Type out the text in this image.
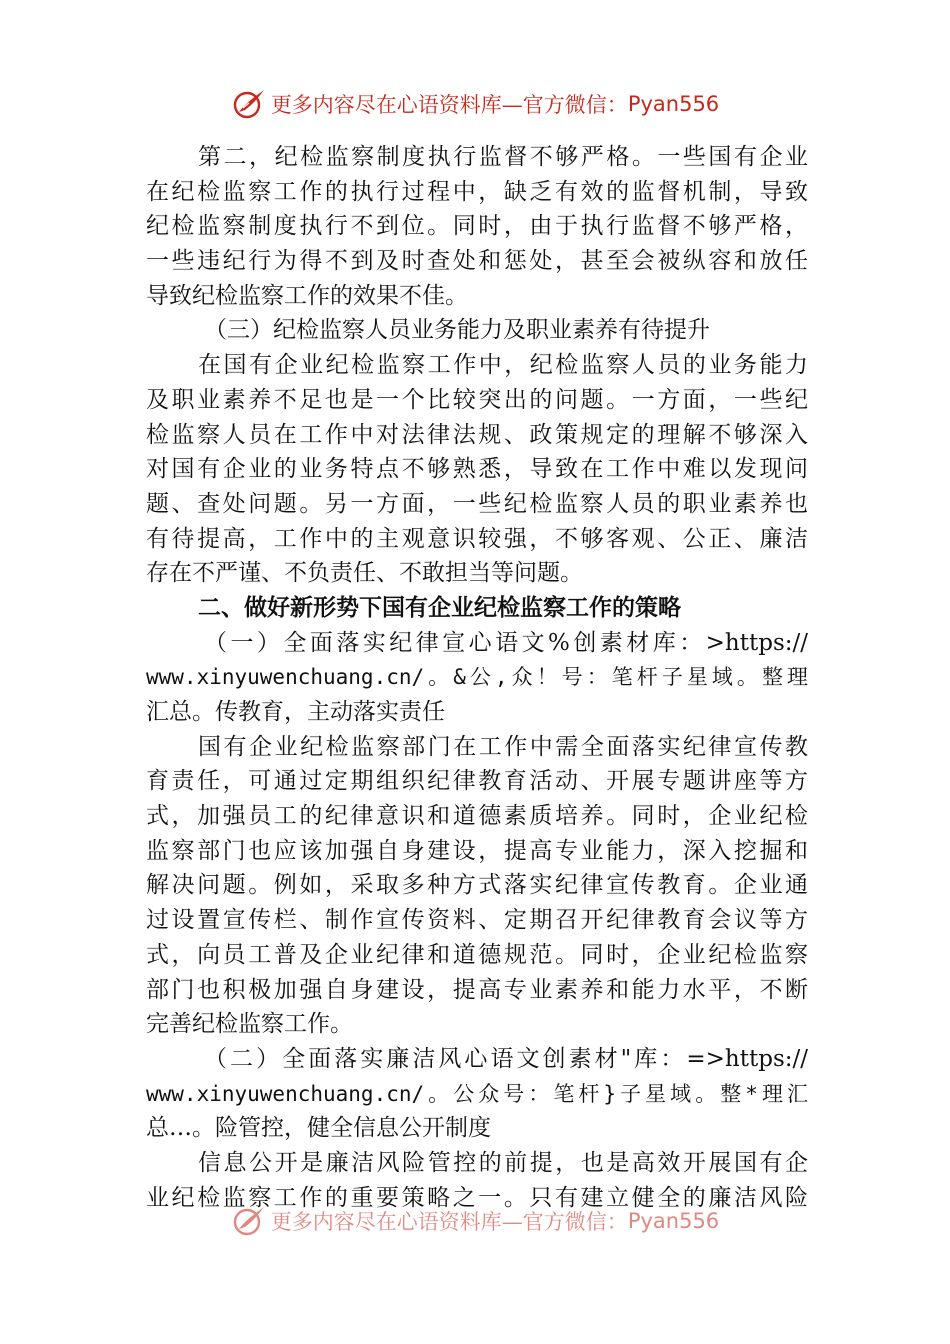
更多内容尽在心语资料库—官方微信： Pyan556
第二，纪检监察制度执行监督不够严格。一些国有企业
在纪检监察工作的执行过程中，缺乏有效的监督机制，导致
纪检监察制度执行不到位。同时，由于执行监督不够严格，
一些违纪行为得不到及时查处和惩处，甚至会被纵容和放任
导致纪检监察工作的效果不佳。
（三）纪检监察人员业务能力及职业素养有待提升
在国有企业纪检监察工作中，纪检监察人员的业务能力
及职业素养不足也是一个比较突出的问题。一方面，一些纪
检监察人员在工作中对法律法规、政策规定的理解不够深入
对国有企业的业务特点不够熟悉，导致在工作中难以发现问
题、查处问题。另一方面，一些纪检监察人员的职业素养也
有待提高，工作中的主观意识较强，不够客观、公正、廉洁
存在不严谨、不负责任、不敢担当等问题。
二、做好新形势下国有企业纪检监察工作的策略
（一）全面落实纪律宣心语文%创素材库：>https://
www.xinyuwenchuang.cn/。&公,众！号：笔杆子星域。整理
汇总。传教育，主动落实责任
国有企业纪检监察部门在工作中需全面落实纪律宣传教
育责任，可通过定期组织纪律教育活动、开展专题讲座等方
式，加强员工的纪律意识和道德素质培养。同时，企业纪检
监察部门也应该加强自身建设，提高专业能力，深入挖掘和
解决问题。例如，采取多种方式落实纪律宣传教育。企业通
过设置宣传栏、制作宣传资料、定期召开纪律教育会议等方
式，向员工普及企业纪律和道德规范。同时，企业纪检监察
部门也积极加强自身建设，提高专业素养和能力水平，不断
完善纪检监察工作。
（二）全面落实廉洁风心语文创素材"库：=>https://
www.xinyuwenchuang.cn/。公众号：笔杆}子星域。整*理汇
总…。险管控，健全信息公开制度
信息公开是廉洁风险管控的前提，也是高效开展国有企
业纪检监察工作的重要策略之一。只有建立健全的廉洁风险
更多内容尽在心语资料库—官方微信： Pyan556
